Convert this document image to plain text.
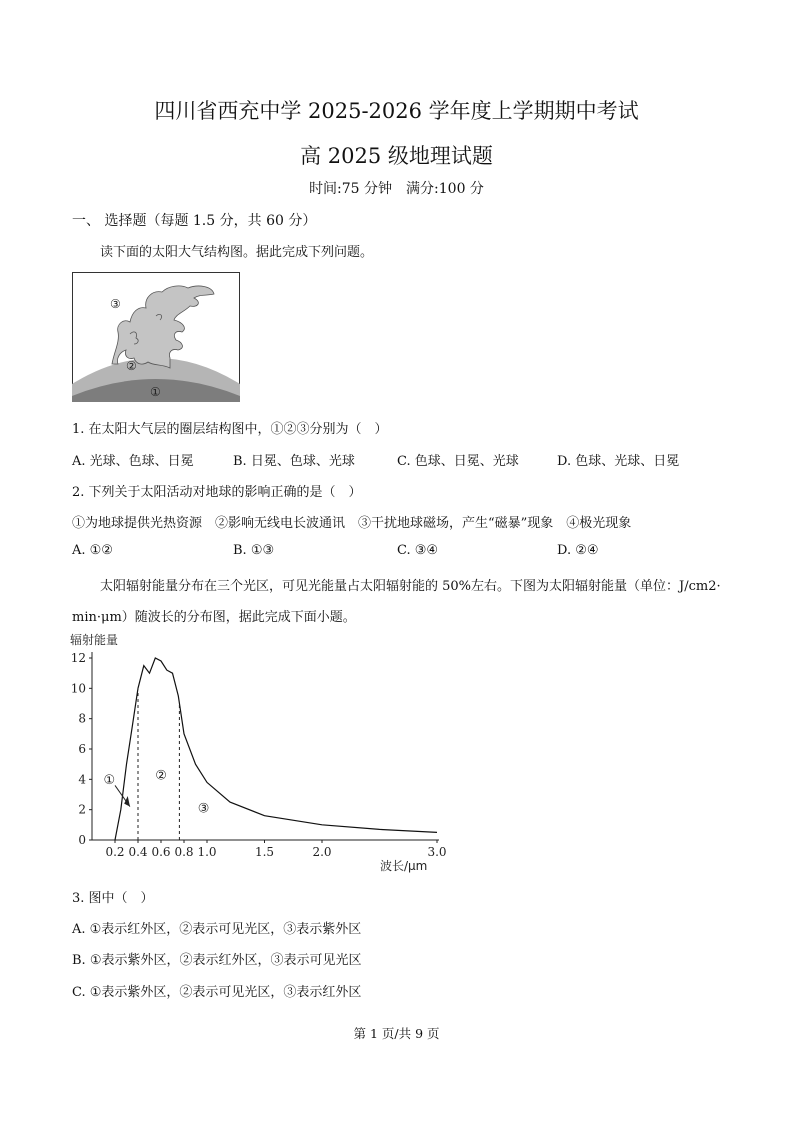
四川省西充中学 2025-2026 学年度上学期期中考试
高 2025 级地理试题
时间:75 分钟　满分:100 分
一、 选择题（每题 1.5 分，共 60 分）
读下面的太阳大气结构图。据此完成下列问题。
③
②
①
1. 在太阳大气层的圈层结构图中，①②③分别为（　）
A. 光球、色球、日冕	B. 日冕、色球、光球	C. 色球、日冕、光球	D. 色球、光球、日冕
2. 下列关于太阳活动对地球的影响正确的是（　）
①为地球提供光热资源　②影响无线电长波通讯　③干扰地球磁场，产生“磁暴”现象　④极光现象
A. ①②	B. ①③	C. ③④	D. ②④
太阳辐射能量分布在三个光区，可见光能量占太阳辐射能的 50%左右。下图为太阳辐射能量（单位：J/cm2·
min·μm）随波长的分布图，据此完成下面小题。
辐射能量
波长/μm
0
2
4
6
8
10
12
0.2 0.4 0.6 0.8 1.0	1.5	2.0	3.0
①	②
③
3. 图中（　）
A. ①表示红外区，②表示可见光区，③表示紫外区
B. ①表示紫外区，②表示红外区，③表示可见光区
C. ①表示紫外区，②表示可见光区，③表示红外区
第 1 页/共 9 页
